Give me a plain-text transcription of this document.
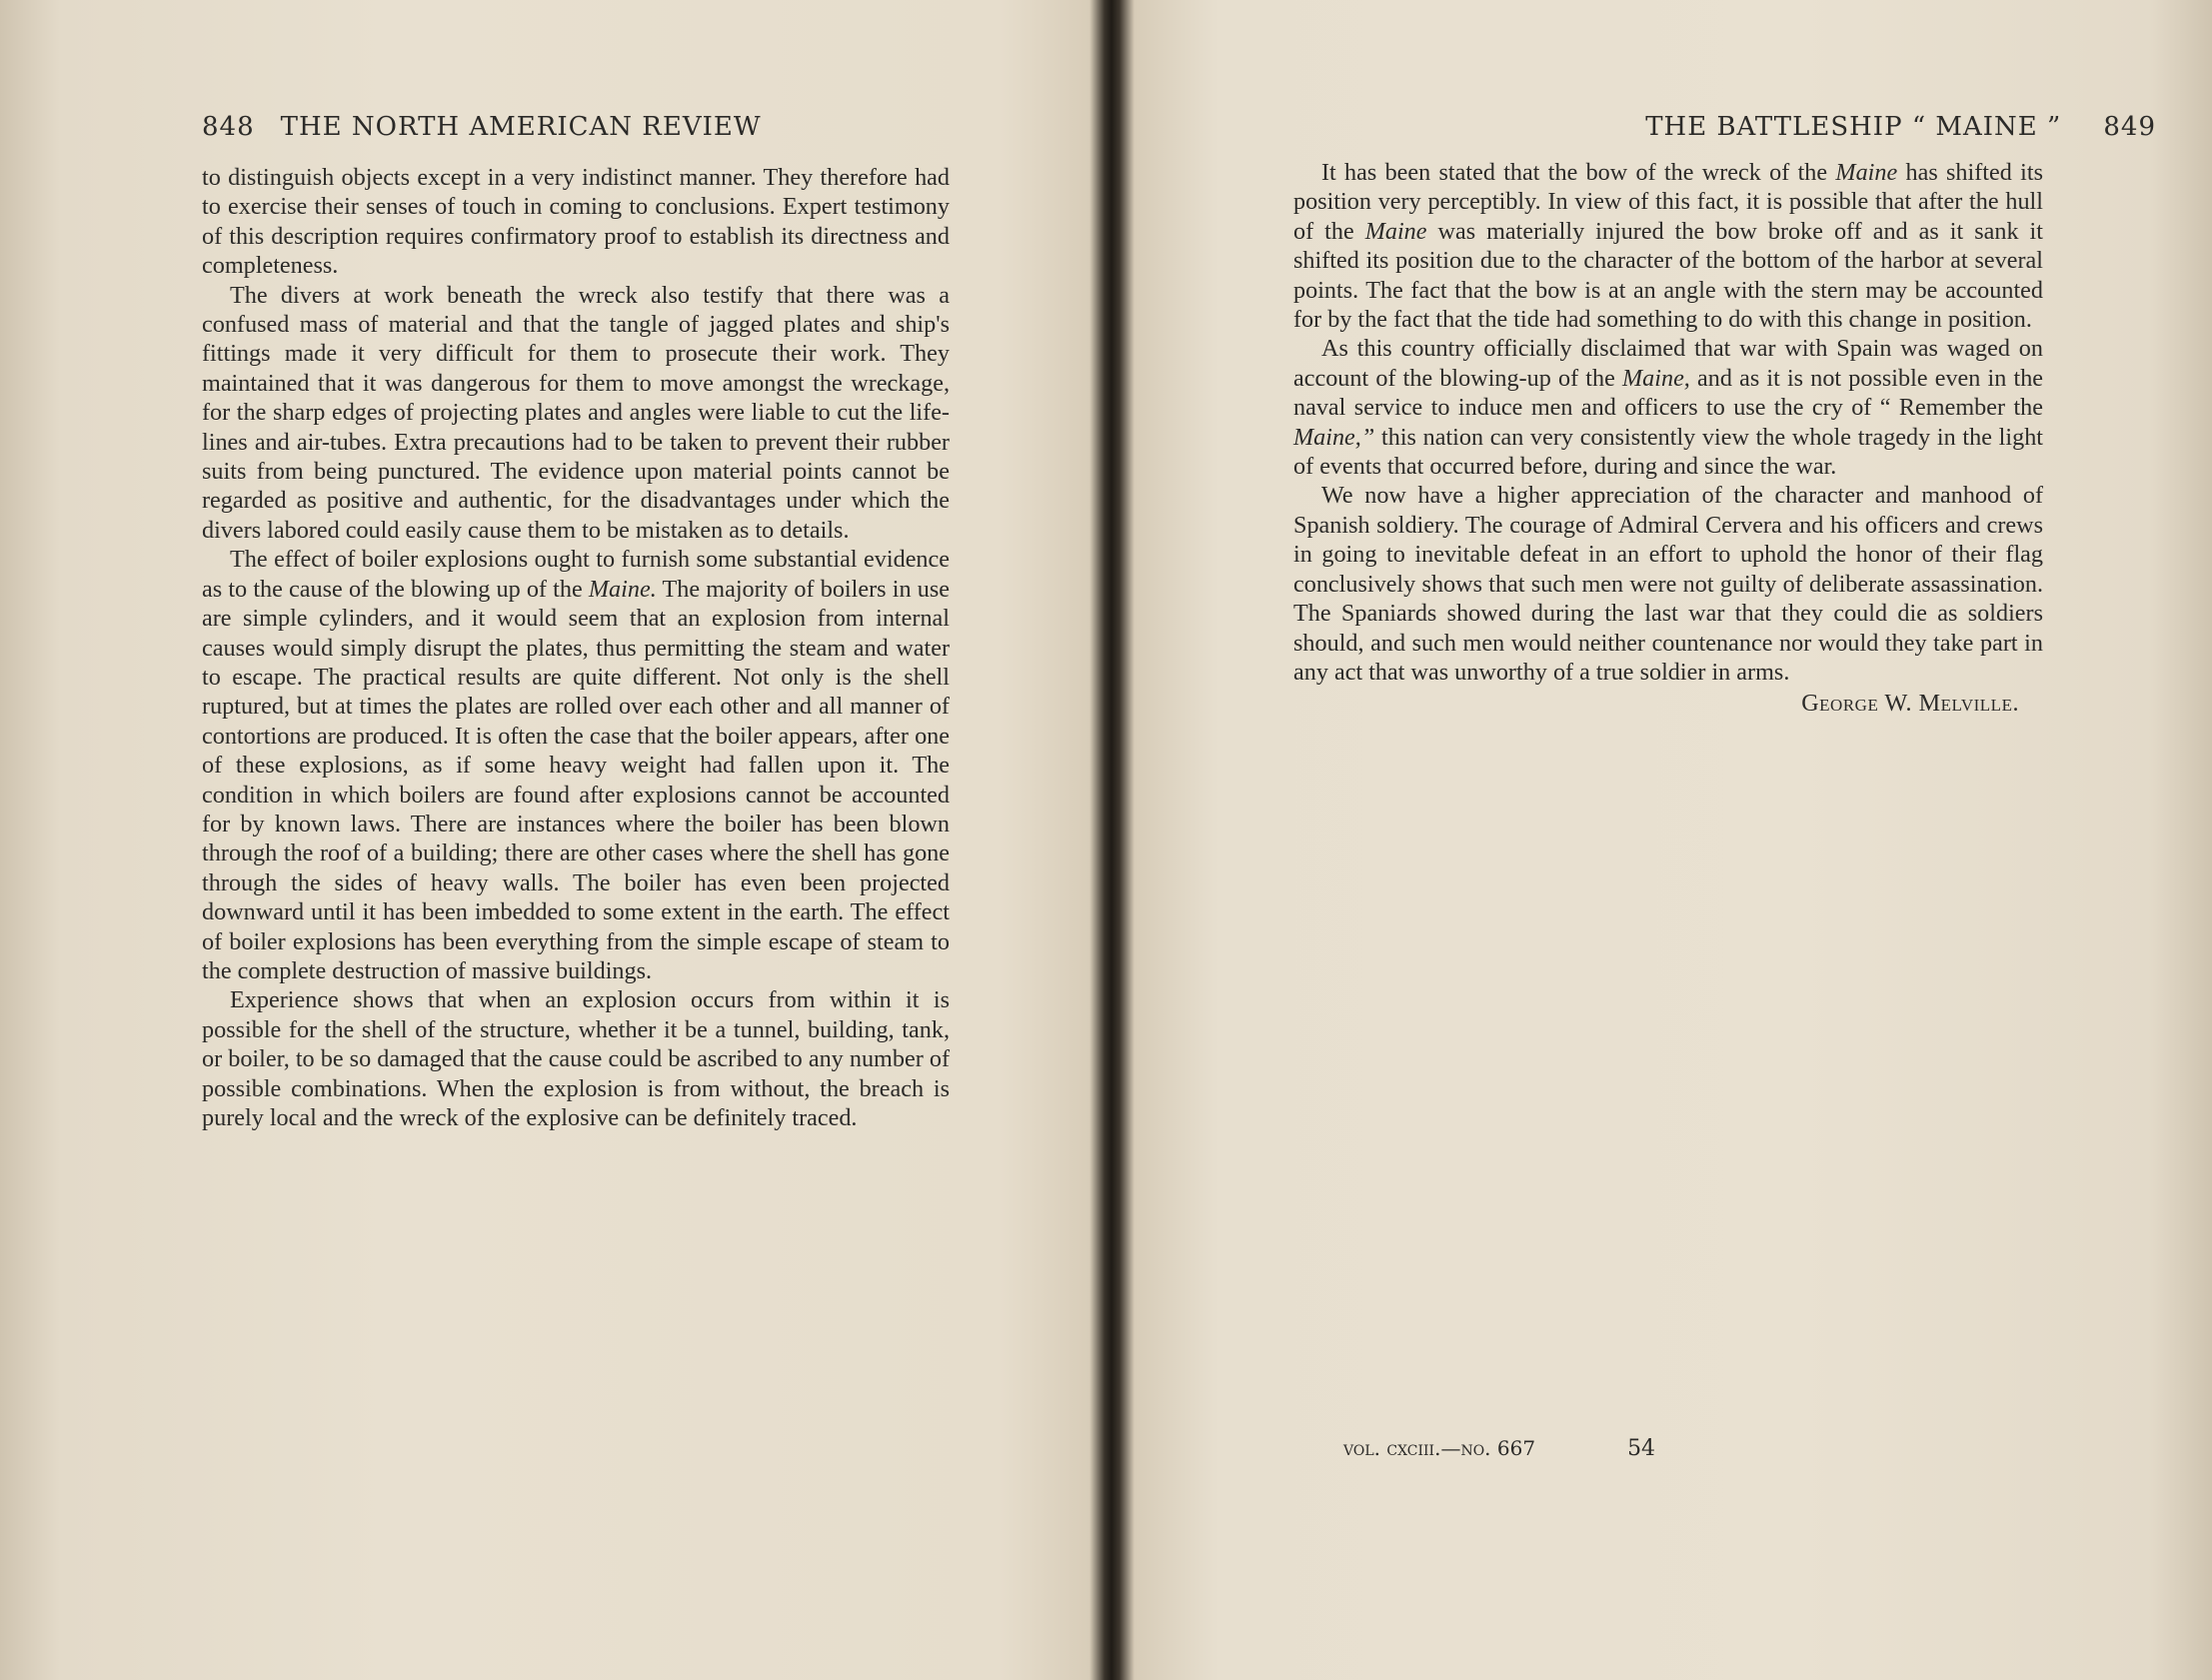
848 THE NORTH AMERICAN REVIEW

to distinguish objects except in a very indistinct manner. They therefore had to exercise their senses of touch in coming to conclusions. Expert testimony of this description requires confirmatory proof to establish its directness and completeness.

The divers at work beneath the wreck also testify that there was a confused mass of material and that the tangle of jagged plates and ship's fittings made it very difficult for them to prosecute their work. They maintained that it was dangerous for them to move amongst the wreckage, for the sharp edges of projecting plates and angles were liable to cut the life-lines and air-tubes. Extra precautions had to be taken to prevent their rubber suits from being punctured. The evidence upon material points cannot be regarded as positive and authentic, for the disadvantages under which the divers labored could easily cause them to be mistaken as to details.

The effect of boiler explosions ought to furnish some substantial evidence as to the cause of the blowing up of the Maine. The majority of boilers in use are simple cylinders, and it would seem that an explosion from internal causes would simply disrupt the plates, thus permitting the steam and water to escape. The practical results are quite different. Not only is the shell ruptured, but at times the plates are rolled over each other and all manner of contortions are produced. It is often the case that the boiler appears, after one of these explosions, as if some heavy weight had fallen upon it. The condition in which boilers are found after explosions cannot be accounted for by known laws. There are instances where the boiler has been blown through the roof of a building; there are other cases where the shell has gone through the sides of heavy walls. The boiler has even been projected downward until it has been imbedded to some extent in the earth. The effect of boiler explosions has been everything from the simple escape of steam to the complete destruction of massive buildings.

Experience shows that when an explosion occurs from within it is possible for the shell of the structure, whether it be a tunnel, building, tank, or boiler, to be so damaged that the cause could be ascribed to any number of possible combinations. When the explosion is from without, the breach is purely local and the wreck of the explosive can be definitely traced.

THE BATTLESHIP “ MAINE ” 849

It has been stated that the bow of the wreck of the Maine has shifted its position very perceptibly. In view of this fact, it is possible that after the hull of the Maine was materially injured the bow broke off and as it sank it shifted its position due to the character of the bottom of the harbor at several points. The fact that the bow is at an angle with the stern may be accounted for by the fact that the tide had something to do with this change in position.

As this country officially disclaimed that war with Spain was waged on account of the blowing-up of the Maine, and as it is not possible even in the naval service to induce men and officers to use the cry of “ Remember the Maine,” this nation can very consistently view the whole tragedy in the light of events that occurred before, during and since the war.

We now have a higher appreciation of the character and manhood of Spanish soldiery. The courage of Admiral Cervera and his officers and crews in going to inevitable defeat in an effort to uphold the honor of their flag conclusively shows that such men were not guilty of deliberate assassination. The Spaniards showed during the last war that they could die as soldiers should, and such men would neither countenance nor would they take part in any act that was unworthy of a true soldier in arms.

George W. Melville.
vol. cxciii.—no. 667	54
